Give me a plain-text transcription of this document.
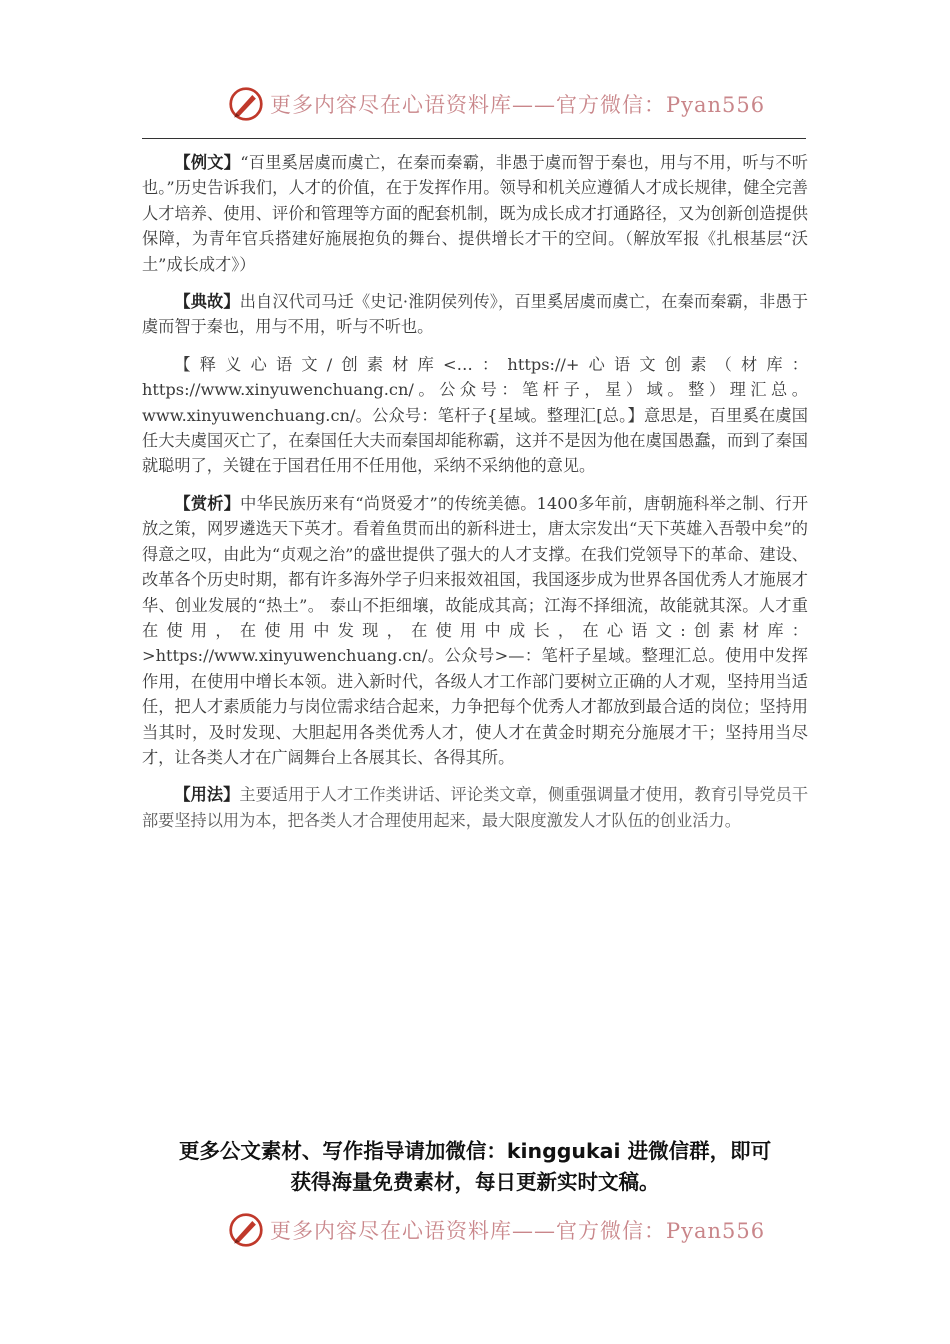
更多内容尽在心语资料库——官方微信：Pyan556

【例文】“百里奚居虞而虞亡，在秦而秦霸，非愚于虞而智于秦也，用与不用，听与不听也。”历史告诉我们，人才的价值，在于发挥作用。领导和机关应遵循人才成长规律，健全完善人才培养、使用、评价和管理等方面的配套机制，既为成长成才打通路径，又为创新创造提供保障，为青年官兵搭建好施展抱负的舞台、提供增长才干的空间。（解放军报《扎根基层“沃土”成长成才》）

【典故】出自汉代司马迁《史记·淮阴侯列传》，百里奚居虞而虞亡，在秦而秦霸，非愚于虞而智于秦也，用与不用，听与不听也。

【释义心语文/创素材库<…：https://+心语文创素（材库：https://www.xinyuwenchuang.cn/。公众号：笔杆子，星）域。整）理汇总。www.xinyuwenchuang.cn/。公众号：笔杆子{星域。整理汇[总。】意思是，百里奚在虞国任大夫虞国灭亡了，在秦国任大夫而秦国却能称霸，这并不是因为他在虞国愚蠢，而到了秦国就聪明了，关键在于国君任用不任用他，采纳不采纳他的意见。

【赏析】中华民族历来有“尚贤爱才”的传统美德。1400多年前，唐朝施科举之制、行开放之策，网罗遴选天下英才。看着鱼贯而出的新科进士，唐太宗发出“天下英雄入吾彀中矣”的得意之叹，由此为“贞观之治”的盛世提供了强大的人才支撑。在我们党领导下的革命、建设、改革各个历史时期，都有许多海外学子归来报效祖国，我国逐步成为世界各国优秀人才施展才华、创业发展的“热土”。 泰山不拒细壤，故能成其高；江海不择细流，故能就其深。人才重在使用，在使用中发现，在使用中成长，在心语文:创素材库：>https://www.xinyuwenchuang.cn/。公众号>—：笔杆子星域。整理汇总。使用中发挥作用，在使用中增长本领。进入新时代，各级人才工作部门要树立正确的人才观，坚持用当适任，把人才素质能力与岗位需求结合起来，力争把每个优秀人才都放到最合适的岗位；坚持用当其时，及时发现、大胆起用各类优秀人才，使人才在黄金时期充分施展才干；坚持用当尽才，让各类人才在广阔舞台上各展其长、各得其所。

【用法】主要适用于人才工作类讲话、评论类文章，侧重强调量才使用，教育引导党员干部要坚持以用为本，把各类人才合理使用起来，最大限度激发人才队伍的创业活力。

更多公文素材、写作指导请加微信：kinggukai 进微信群，即可
获得海量免费素材，每日更新实时文稿。
更多内容尽在心语资料库——官方微信：Pyan556
